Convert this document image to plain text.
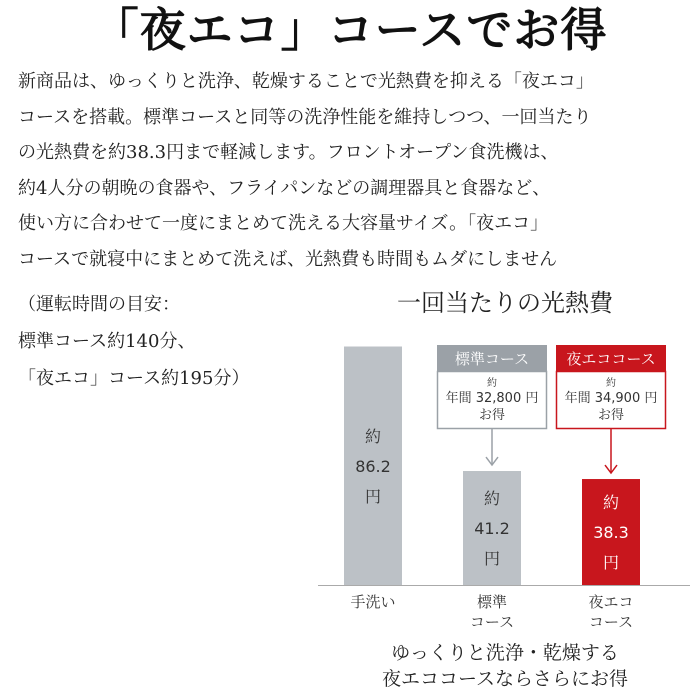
「夜エコ」コースでお得
新商品は、ゆっくりと洗浄、乾燥することで光熱費を抑える「夜エコ」
コースを搭載。標準コースと同等の洗浄性能を維持しつつ、一回当たり
の光熱費を約38.3円まで軽減します。フロントオープン食洗機は、
約4人分の朝晩の食器や、フライパンなどの調理器具と食器など、
使い方に合わせて一度にまとめて洗える大容量サイズ。「夜エコ」
コースで就寝中にまとめて洗えば、光熱費も時間もムダにしません
（運転時間の目安：
標準コース約140分、
「夜エコ」コース約195分）
一回当たりの光熱費
約
86.2
円	約
41.2
円
約
38.3
円
手洗い	標準
コース
夜エコ
コース
標準コース
約
年間 32,800 円
お得
夜エココース
約
年間 34,900 円
お得
ゆっくりと洗浄・乾燥する
夜エココースならさらにお得
